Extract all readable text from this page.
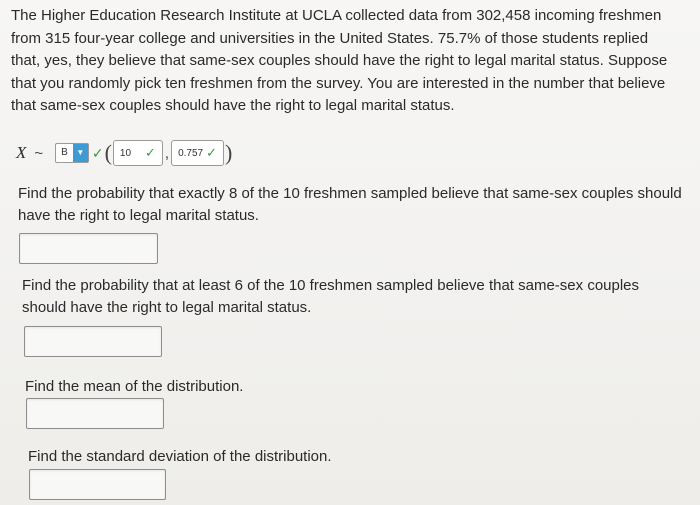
The Higher Education Research Institute at UCLA collected data from 302,458 incoming freshmen
from 315 four-year college and universities in the United States. 75.7% of those students replied
that, yes, they believe that same-sex couples should have the right to legal marital status. Suppose
that you randomly pick ten freshmen from the survey. You are interested in the number that believe
that same-sex couples should have the right to legal marital status.
X ~	B	▼ ✓ ( 10 ✓ , 0.757 ✓ )
Find the probability that exactly 8 of the 10 freshmen sampled believe that same-sex couples should
have the right to legal marital status.
Find the probability that at least 6 of the 10 freshmen sampled believe that same-sex couples
should have the right to legal marital status.
Find the mean of the distribution.
Find the standard deviation of the distribution.
